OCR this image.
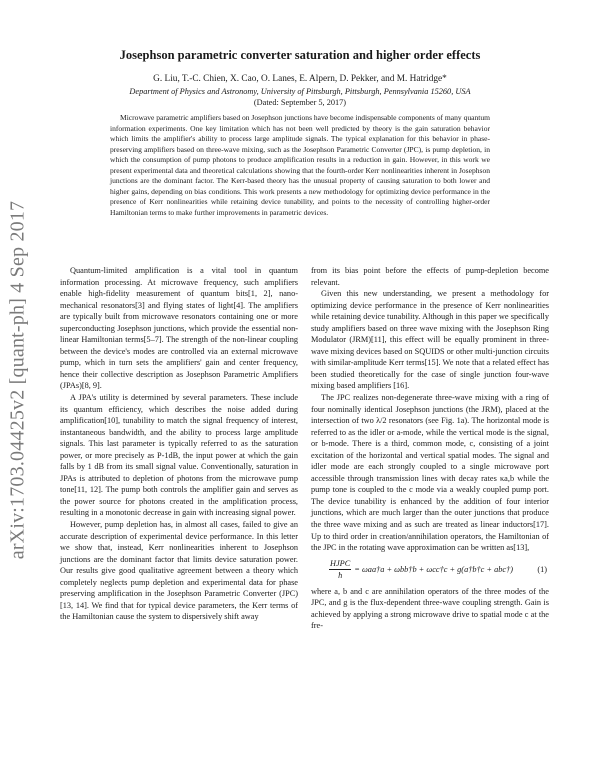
arXiv:1703.04425v2 [quant-ph] 4 Sep 2017
Josephson parametric converter saturation and higher order effects
G. Liu, T.-C. Chien, X. Cao, O. Lanes, E. Alpern, D. Pekker, and M. Hatridge*
Department of Physics and Astronomy, University of Pittsburgh, Pittsburgh, Pennsylvania 15260, USA
(Dated: September 5, 2017)
Microwave parametric amplifiers based on Josephson junctions have become indispensable components of many quantum information experiments. One key limitation which has not been well predicted by theory is the gain saturation behavior which limits the amplifier's ability to process large amplitude signals. The typical explanation for this behavior in phase-preserving amplifiers based on three-wave mixing, such as the Josephson Parametric Converter (JPC), is pump depletion, in which the consumption of pump photons to produce amplification results in a reduction in gain. However, in this work we present experimental data and theoretical calculations showing that the fourth-order Kerr nonlinearities inherent in Josephson junctions are the dominant factor. The Kerr-based theory has the unusual property of causing saturation to both lower and higher gains, depending on bias conditions. This work presents a new methodology for optimizing device performance in the presence of Kerr nonlinearities while retaining device tunability, and points to the necessity of controlling higher-order Hamiltonian terms to make further improvements in parametric devices.

Quantum-limited amplification is a vital tool in quantum information processing. At microwave frequency, such amplifiers enable high-fidelity measurement of quantum bits[1, 2], nano-mechanical resonators[3] and flying states of light[4]. The amplifiers are typically built from microwave resonators containing one or more superconducting Josephson junctions, which provide the essential non-linear Hamiltonian terms[5–7]. The strength of the non-linear coupling between the device's modes are controlled via an external microwave pump, which in turn sets the amplifiers' gain and center frequency, hence their collective description as Josephson Parametric Amplifiers (JPAs)[8, 9].

A JPA's utility is determined by several parameters. These include its quantum efficiency, which describes the noise added during amplification[10], tunability to match the signal frequency of interest, instantaneous bandwidth, and the ability to process large amplitude signals. This last parameter is typically referred to as the saturation power, or more precisely as P-1dB, the input power at which the gain falls by 1 dB from its small signal value. Conventionally, saturation in JPAs is attributed to depletion of photons from the microwave pump tone[11, 12]. The pump both controls the amplifier gain and serves as the power source for photons created in the amplification process, resulting in a monotonic decrease in gain with increasing signal power.

However, pump depletion has, in almost all cases, failed to give an accurate description of experimental device performance. In this letter we show that, instead, Kerr nonlinearities inherent to Josephson junctions are the dominant factor that limits device saturation power. Our results give good qualitative agreement between a theory which completely neglects pump depletion and experimental data for phase preserving amplification in the Josephson Parametric Converter (JPC)[13, 14]. We find that for typical device parameters, the Kerr terms of the Hamiltonian cause the system to dispersively shift away

from its bias point before the effects of pump-depletion become relevant.

Given this new understanding, we present a methodology for optimizing device performance in the presence of Kerr nonlinearities while retaining device tunability. Although in this paper we specifically study amplifiers based on three wave mixing with the Josephson Ring Modulator (JRM)[11], this effect will be equally prominent in three-wave mixing devices based on SQUIDS or other multi-junction circuits with similar-amplitude Kerr terms[15]. We note that a related effect has been studied theoretically for the case of single junction four-wave mixing based amplifiers [16].

The JPC realizes non-degenerate three-wave mixing with a ring of four nominally identical Josephson junctions (the JRM), placed at the intersection of two λ/2 resonators (see Fig. 1a). The horizontal mode is referred to as the idler or a-mode, while the vertical mode is the signal, or b-mode. There is a third, common mode, c, consisting of a joint excitation of the horizontal and vertical spatial modes. The signal and idler mode are each strongly coupled to a single microwave port accessible through transmission lines with decay rates κa,b while the pump tone is coupled to the c mode via a weakly coupled pump port. The device tunability is enhanced by the addition of four interior junctions, which are much larger than the outer junctions that produce the three wave mixing and as such are treated as linear inductors[17]. Up to third order in creation/annihilation operators, the Hamiltonian of the JPC in the rotating wave approximation can be written as[13],

$\frac{\text{HJPC}}{ħ}$ = ωaa†a + ωbb†b + ωcc†c + g(a†b†c + abc†)	(1)

where a, b and c are annihilation operators of the three modes of the JPC, and g is the flux-dependent three-wave coupling strength. Gain is achieved by applying a strong microwave drive to spatial mode c at the fre-
